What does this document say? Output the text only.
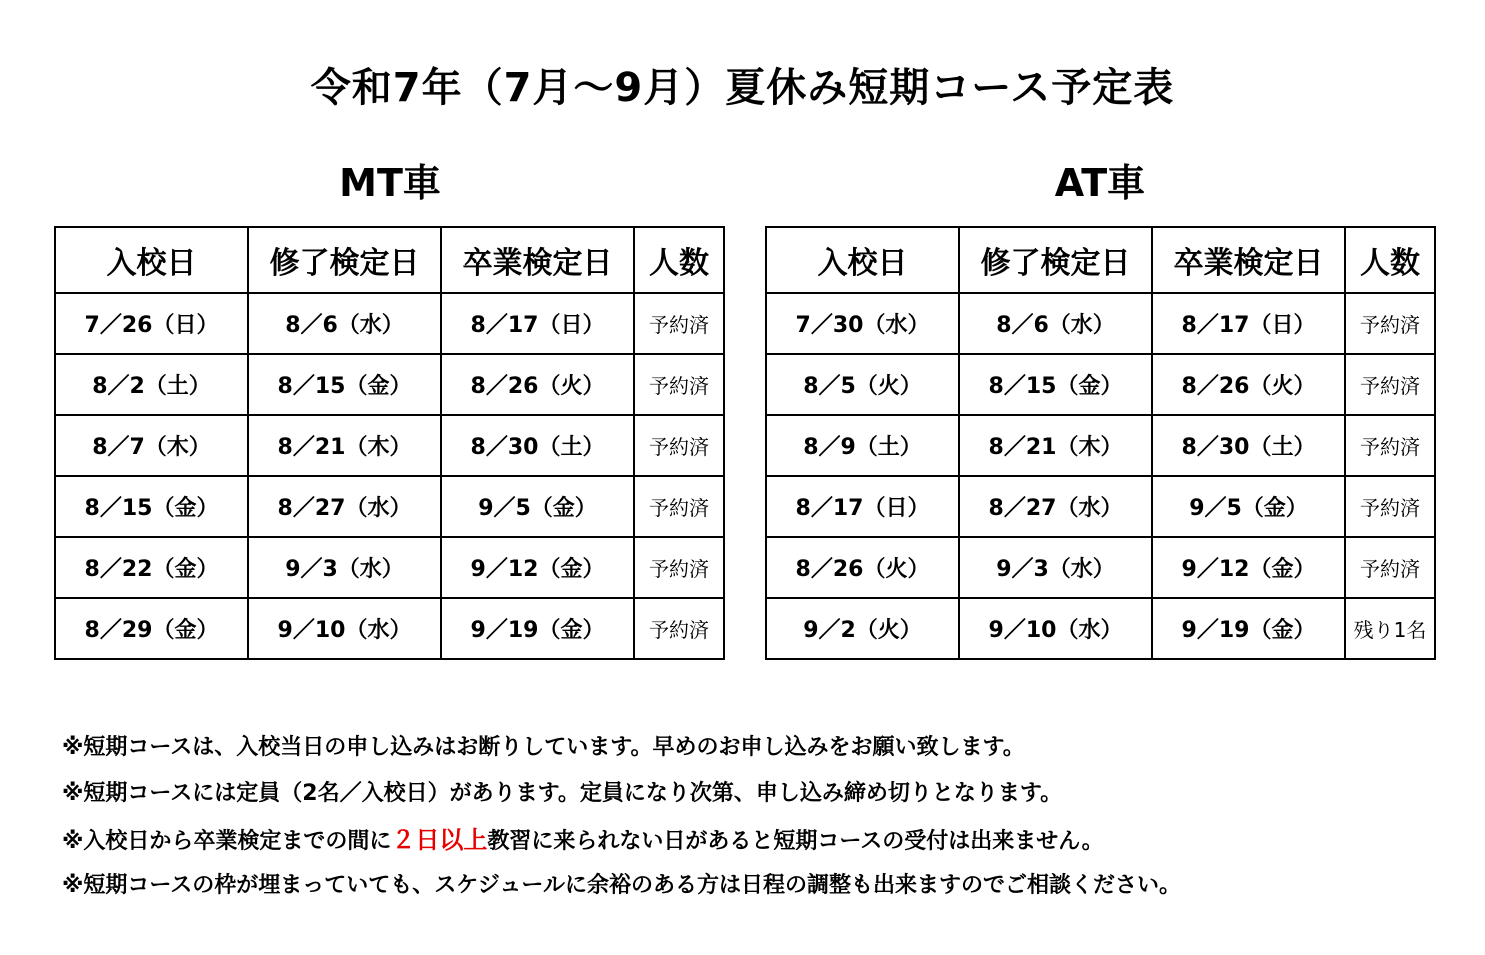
令和7年（7月～9月）夏休み短期コース予定表
MT車	AT車
入校日	修了検定日	卒業検定日	人数
7／26（日）	8／6（水）	8／17（日）	予約済
8／2（土）	8／15（金）	8／26（火）	予約済
8／7（木）	8／21（木）	8／30（土）	予約済
8／15（金）	8／27（水）	9／5（金）	予約済
8／22（金）	9／3（水）	9／12（金）	予約済
8／29（金）	9／10（水）	9／19（金）	予約済
入校日	修了検定日	卒業検定日	人数
7／30（水）	8／6（水）	8／17（日）	予約済
8／5（火）	8／15（金）	8／26（火）	予約済
8／9（土）	8／21（木）	8／30（土）	予約済
8／17（日）	8／27（水）	9／5（金）	予約済
8／26（火）	9／3（水）	9／12（金）	予約済
9／2（火）	9／10（水）	9／19（金）	残り1名
※短期コースは、入校当日の申し込みはお断りしています。早めのお申し込みをお願い致します。
※短期コースには定員（2名／入校日）があります。定員になり次第、申し込み締め切りとなります。
※入校日から卒業検定までの間に２日以上教習に来られない日があると短期コースの受付は出来ません。
※短期コースの枠が埋まっていても、スケジュールに余裕のある方は日程の調整も出来ますのでご相談ください。
